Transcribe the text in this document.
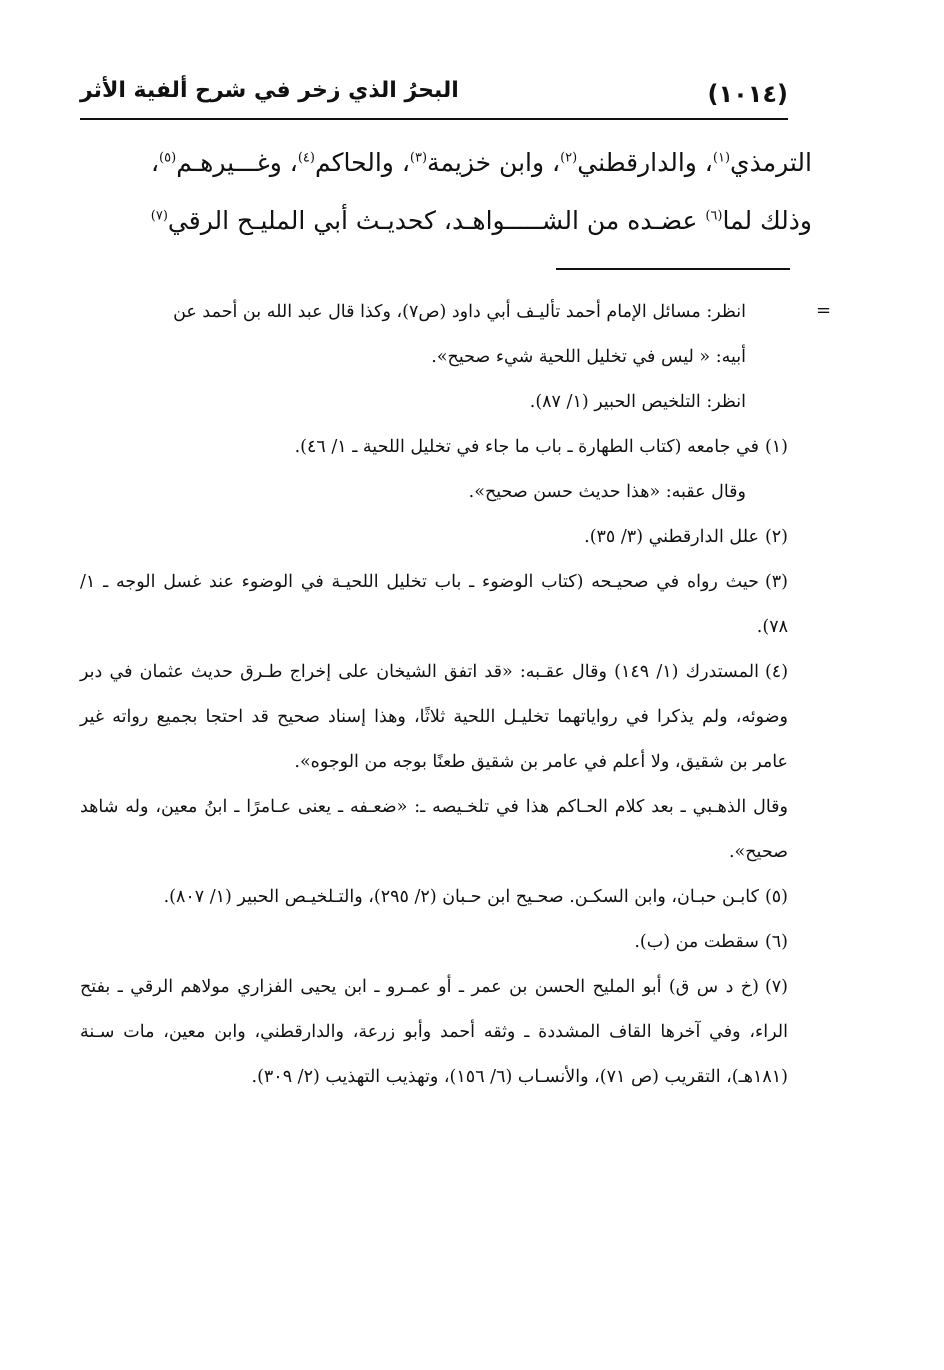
(١٠١٤)
البحرُ الذي زخر في شرح ألفية الأثر

الترمذي$^{(١)}$، والدارقطني$^{(٢)}$، وابن خزيمة$^{(٣)}$، والحاكم$^{(٤)}$، وغـــيرهـم$^{(٥)}$،

وذلك لما$^{(٦)}$ عضـده من الشـــــواهـد، كحديـث أبي المليـح الرقي$^{(٧)}$

=

انظر: مسائل الإمام أحمد تأليـف أبي داود (ص٧)، وكذا قال عبد الله بن أحمد عن

أبيه: « ليس في تخليل اللحية شيء صحيح».

انظر: التلخيص الحبير (١/ ٨٧).

(١)في جامعه (كتاب الطهارة ـ باب ما جاء في تخليل اللحية ـ ١/ ٤٦).

وقال عقبه: «هذا حديث حسن صحيح».

(٢)علل الدارقطني (٣/ ٣٥).

(٣)حيث رواه في صحيـحه (كتاب الوضوء ـ باب تخليل اللحيـة في الوضوء عند غسل الوجه ـ ١/ ٧٨).

(٤)المستدرك (١/ ١٤٩) وقال عقـبه: «قد اتفق الشيخان على إخراج طـرق حديث عثمان في دبر وضوئه، ولم يذكرا في رواياتهما تخليـل اللحية ثلاثًا، وهذا إسناد صحيح قد احتجا بجميع رواته غير عامر بن شقيق، ولا أعلم في عامر بن شقيق طعنًا بوجه من الوجوه».

وقال الذهـبي ـ بعد كلام الحـاكم هذا في تلخـيصه ـ: «ضعـفه ـ يعنى عـامرًا ـ ابنُ معين، وله شاهد صحيح».

(٥)كابـن حبـان، وابن السكـن. صحـيح ابن حـبان (٢/ ٢٩٥)، والتـلخيـص الحبير (١/ ٨٠٧).

(٦)سقطت من (ب).

(٧)(خ د س ق) أبو المليح الحسن بن عمر ـ أو عمـرو ـ ابن يحيى الفزاري مولاهم الرقي ـ بفتح الراء، وفي آخرها القاف المشددة ـ وثقه أحمد وأبو زرعة، والدارقطني، وابن معين، مات سـنة (١٨١هـ)، التقريب (ص ٧١)، والأنسـاب (٦/ ١٥٦)، وتهذيب التهذيب (٢/ ٣٠٩).
